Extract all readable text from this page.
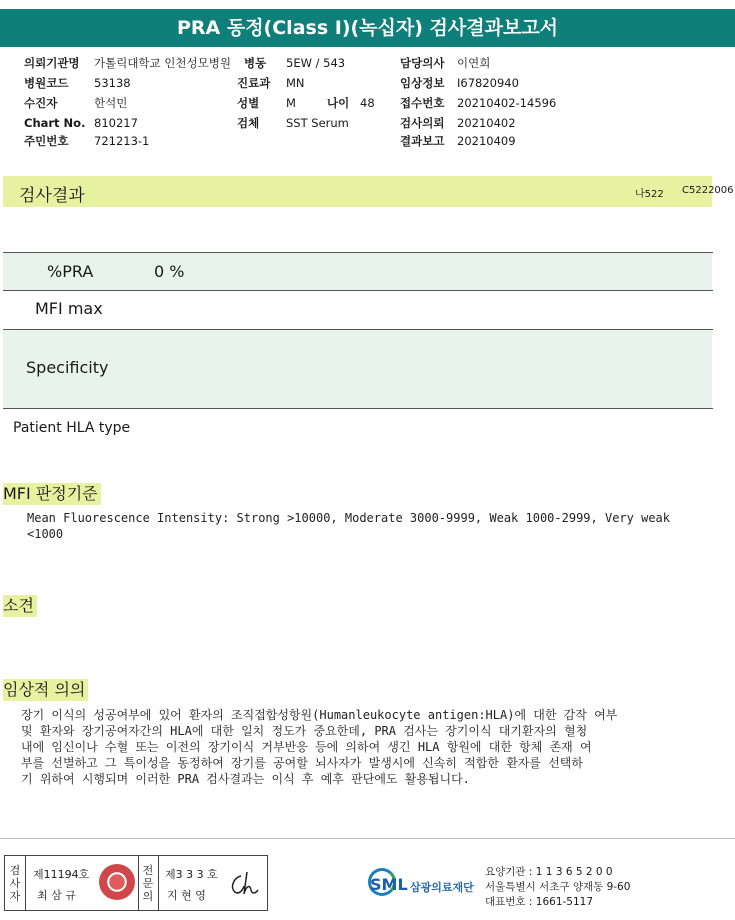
PRA 동정(Class I)(녹십자) 검사결과보고서
의뢰기관명 가톨릭대학교 인천성모병원 병동 5EW / 543	담당의사 이연희
병원코드 53138	진료과 MN	임상정보 I67820940
수진자	한석민	성별 M	나이 48 접수번호 20210402-14596
Chart No. 810217	검체 SST Serum	검사의뢰 20210402
주민번호 721213-1	결과보고 20210409
검사결과	나522 C5222006
%PRA	0 %
MFI max
Specificity
Patient HLA type
MFI 판정기준
Mean Fluorescence Intensity: Strong >10000, Moderate 3000-9999, Weak 1000-2999, Very weak
<1000
소견
임상적 의의
장기 이식의 성공여부에 있어 환자의 조직접합성항원(Humanleukocyte antigen:HLA)에 대한 감작 여부
및 환자와 장기공여자간의 HLA에 대한 일치 정도가 중요한데, PRA 검사는 장기이식 대기환자의 혈청
내에 임신이나 수혈 또는 이전의 장기이식 거부반응 등에 의하여 생긴 HLA 항원에 대한 항체 존재 여
부를 선별하고 그 특이성을 동정하여 장기를 공여할 뇌사자가 발생시에 신속히 적합한 환자를 선택하
기 위하여 시행되며 이러한 PRA 검사결과는 이식 후 예후 판단에도 활용됩니다.
검사자
제11194호
최 삼 규
전문의
제3 3 3 호
지 현 영
SML 삼광의료재단
요양기관 : 1 1 3 6 5 2 0 0
서울특별시 서초구 양재동 9-60
대표번호 : 1661-5117
